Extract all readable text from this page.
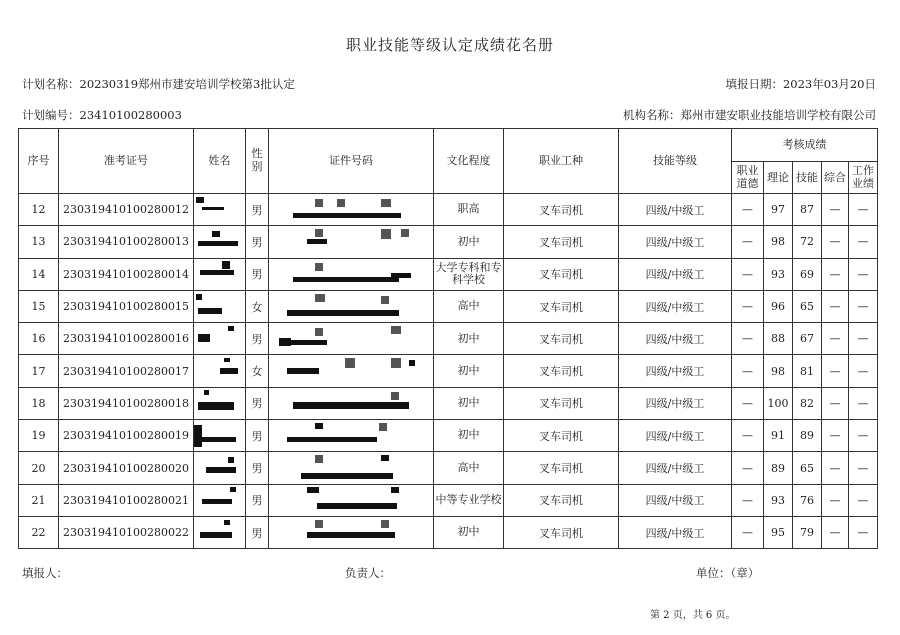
职业技能等级认定成绩花名册
计划名称：20230319郑州市建安培训学校第3批认定	填报日期：2023年03月20日
计划编号：23410100280003	机构名称：郑州市建安职业技能培训学校有限公司
序号	准考证号	姓名	性别	证件号码	文化程度	职业工种	技能等级	考核成绩				
								职业道德	理论	技能	综合	工作业绩
12	230319410100280012		男		职高	叉车司机	四级/中级工	—	97	87	—	—
13	230319410100280013		男		初中	叉车司机	四级/中级工	—	98	72	—	—
14	230319410100280014		男		大学专科和专科学校	叉车司机	四级/中级工	—	93	69	—	—
15	230319410100280015		女		高中	叉车司机	四级/中级工	—	96	65	—	—
16	230319410100280016		男		初中	叉车司机	四级/中级工	—	88	67	—	—
17	230319410100280017		女		初中	叉车司机	四级/中级工	—	98	81	—	—
18	230319410100280018		男		初中	叉车司机	四级/中级工	—	100	82	—	—
19	230319410100280019		男		初中	叉车司机	四级/中级工	—	91	89	—	—
20	230319410100280020		男		高中	叉车司机	四级/中级工	—	89	65	—	—
21	230319410100280021		男		中等专业学校	叉车司机	四级/中级工	—	93	76	—	—
22	230319410100280022		男		初中	叉车司机	四级/中级工	—	95	79	—	—
填报人：	负责人：	单位：（章）
第 2 页，共 6 页。
